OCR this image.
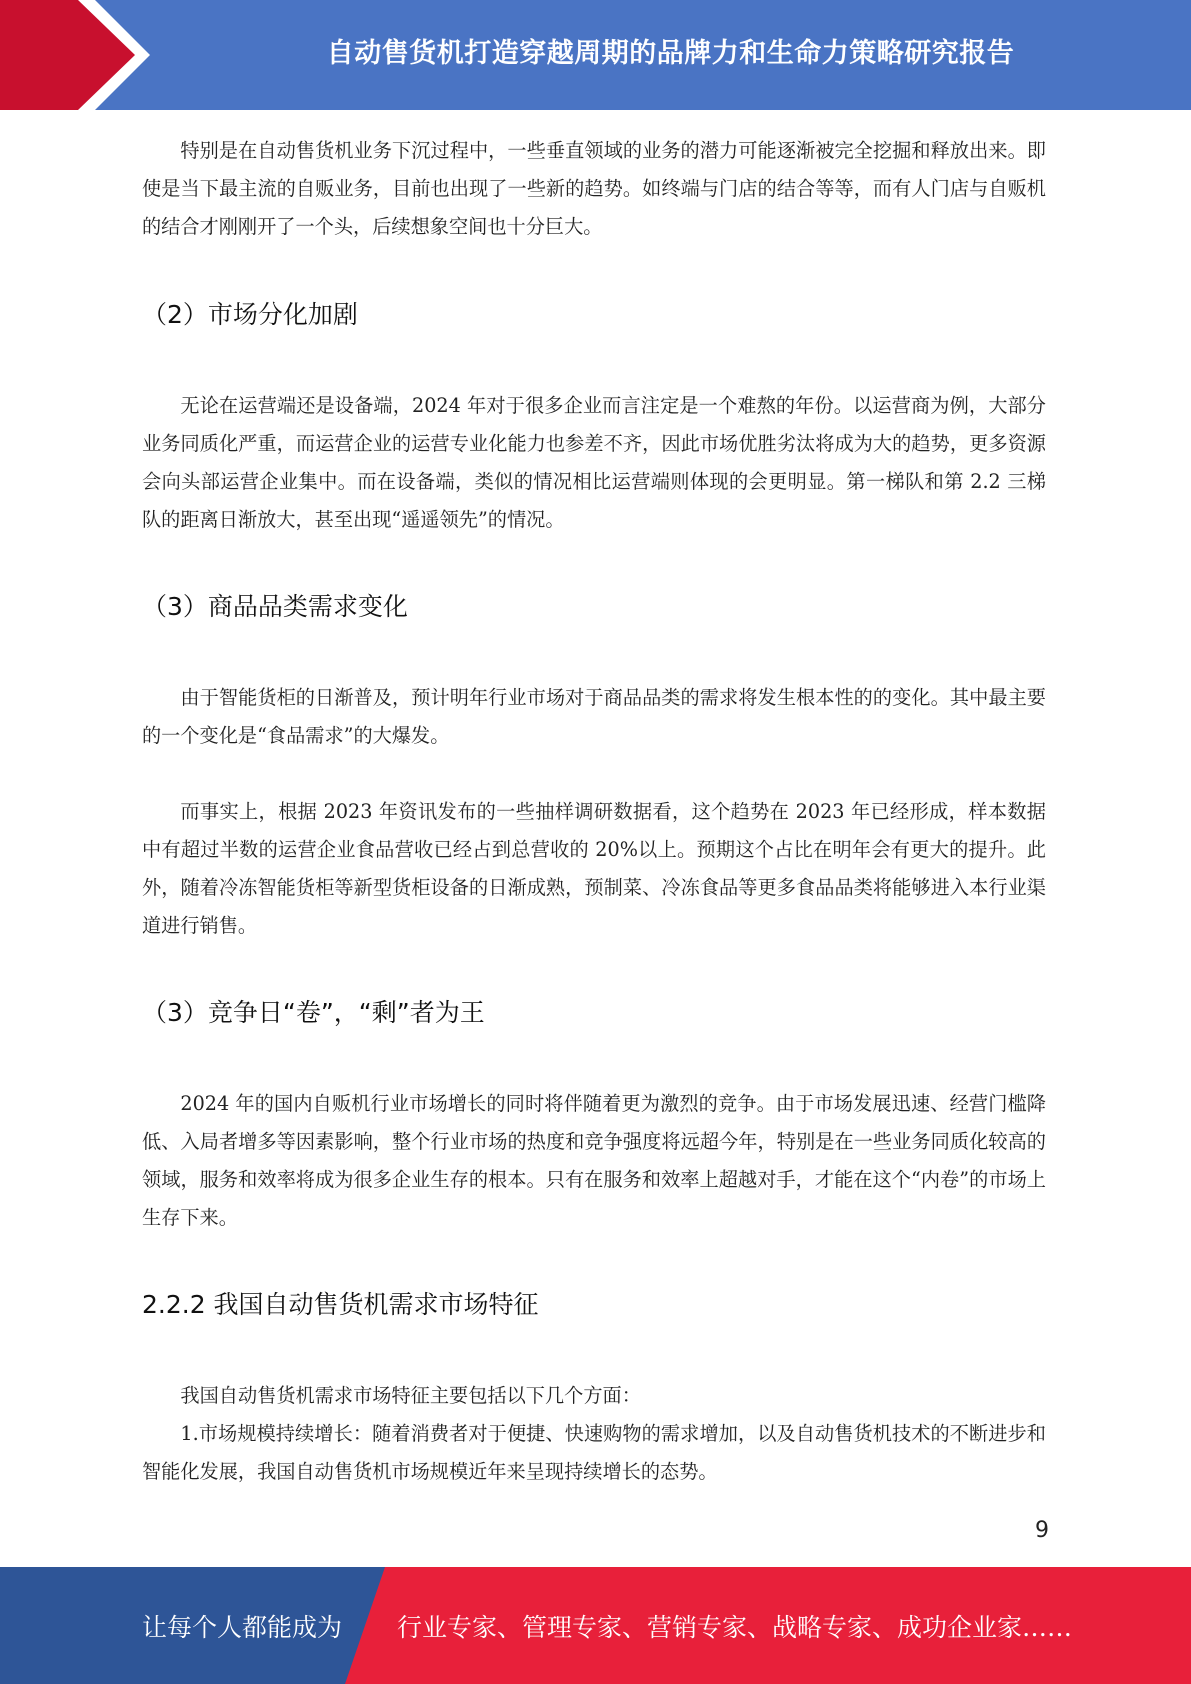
自动售货机打造穿越周期的品牌力和生命力策略研究报告

特别是在自动售货机业务下沉过程中，一些垂直领域的业务的潜力可能逐渐被完全挖掘和释放出来。即使是当下最主流的自贩业务，目前也出现了一些新的趋势。如终端与门店的结合等等，而有人门店与自贩机的结合才刚刚开了一个头，后续想象空间也十分巨大。

（2）市场分化加剧

无论在运营端还是设备端，2024 年对于很多企业而言注定是一个难熬的年份。以运营商为例，大部分业务同质化严重，而运营企业的运营专业化能力也参差不齐，因此市场优胜劣汰将成为大的趋势，更多资源会向头部运营企业集中。而在设备端，类似的情况相比运营端则体现的会更明显。第一梯队和第 2.2 三梯队的距离日渐放大，甚至出现“遥遥领先”的情况。

（3）商品品类需求变化

由于智能货柜的日渐普及，预计明年行业市场对于商品品类的需求将发生根本性的的变化。其中最主要的一个变化是“食品需求”的大爆发。

而事实上，根据 2023 年资讯发布的一些抽样调研数据看，这个趋势在 2023 年已经形成，样本数据中有超过半数的运营企业食品营收已经占到总营收的 20%以上。预期这个占比在明年会有更大的提升。此外，随着冷冻智能货柜等新型货柜设备的日渐成熟，预制菜、冷冻食品等更多食品品类将能够进入本行业渠道进行销售。

（3）竞争日“卷”，“剩”者为王

2024 年的国内自贩机行业市场增长的同时将伴随着更为激烈的竞争。由于市场发展迅速、经营门槛降低、入局者增多等因素影响，整个行业市场的热度和竞争强度将远超今年，特别是在一些业务同质化较高的领域，服务和效率将成为很多企业生存的根本。只有在服务和效率上超越对手，才能在这个“内卷”的市场上生存下来。

2.2.2 我国自动售货机需求市场特征

我国自动售货机需求市场特征主要包括以下几个方面：

1.市场规模持续增长：随着消费者对于便捷、快速购物的需求增加，以及自动售货机技术的不断进步和智能化发展，我国自动售货机市场规模近年来呈现持续增长的态势。

9
让每个人都能成为 行业专家、管理专家、营销专家、战略专家、成功企业家……
